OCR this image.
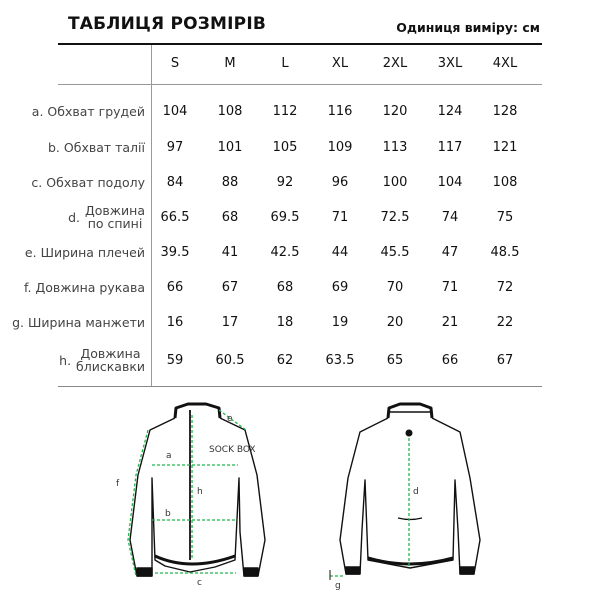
ТАБЛИЦЯ РОЗМІРІВ	Одиниця виміру: см
S	M	L	XL	2XL	3XL	4XL
a. Обхват грудей	104	108	112	116	120	124	128
b. Обхват талії	97	101	105	109	113	117	121
c. Обхват подолу	84	88	92	96	100	104	108
d. Довжина
по спині	66.5	68	69.5	71	72.5	74	75
e. Ширина плечей	39.5	41	42.5	44	45.5	47	48.5
f. Довжина рукава	66	67	68	69	70	71	72
g. Ширина манжети	16	17	18	19	20	21	22
h. Довжина
блискавки	59	60.5	62	63.5	65	66	67
SOCK BOX
a
b
c
e
f
h	d
g
